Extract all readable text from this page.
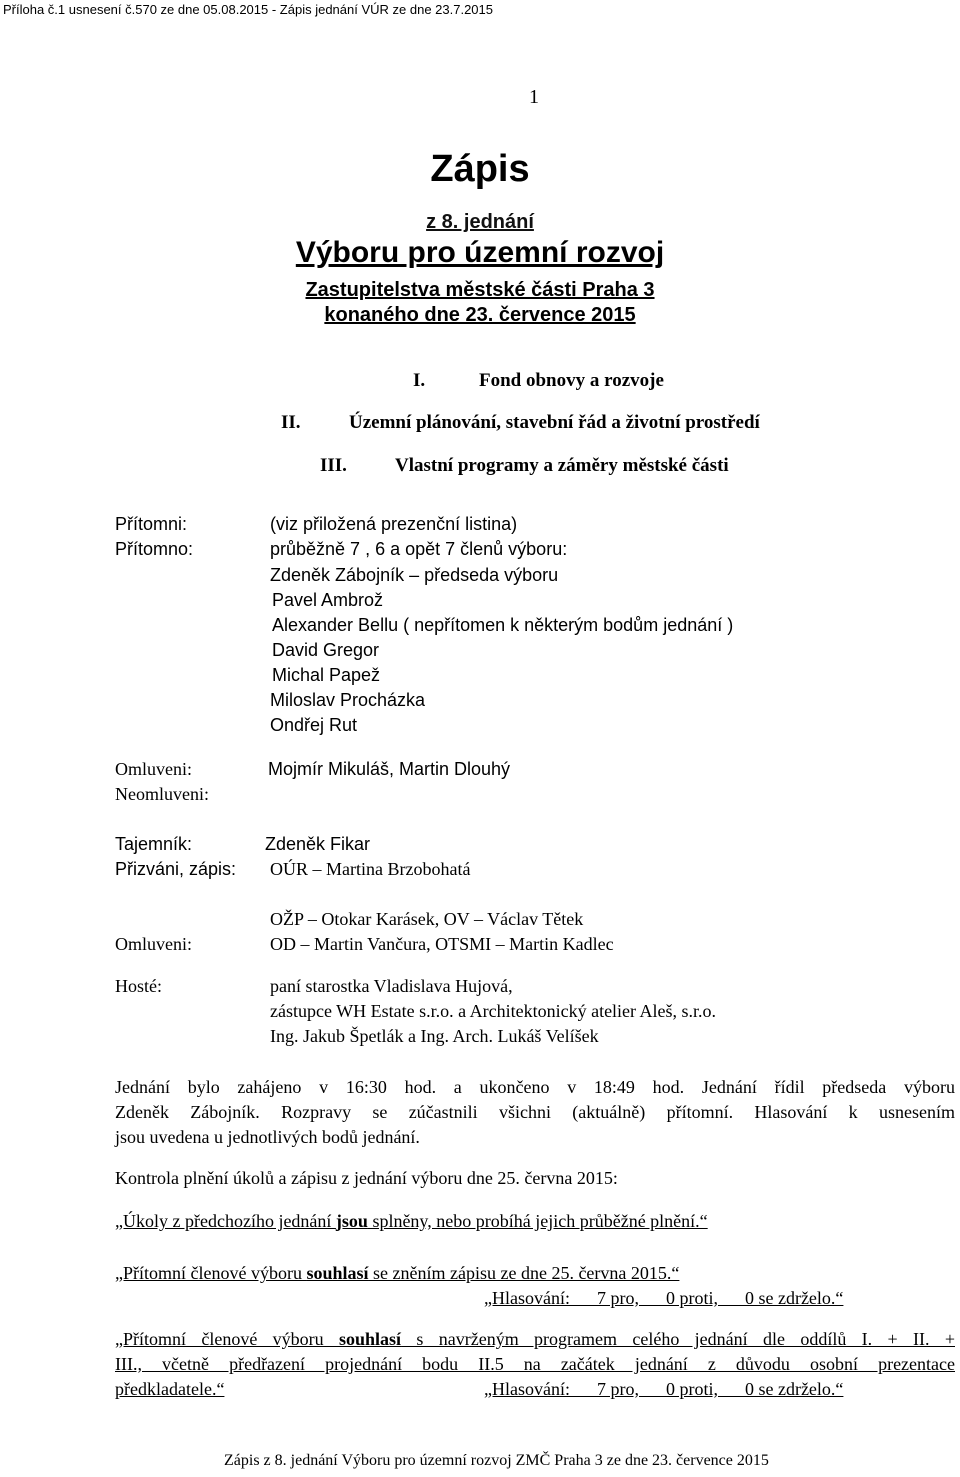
Příloha č.1 usnesení č.570 ze dne 05.08.2015 - Zápis jednání VÚR ze dne 23.7.2015
1
Zápis
z 8. jednání
Výboru pro územní rozvoj
Zastupitelstva městské části Praha 3
konaného dne 23. července 2015
I.	Fond obnovy a rozvoje
II.	Územní plánování, stavební řád a životní prostředí
III.	Vlastní programy a záměry městské části
Přítomni:	(viz přiložená prezenční listina)
Přítomno:	průběžně 7 , 6 a opět 7 členů výboru:
Zdeněk Zábojník – předseda výboru
Pavel Ambrož
Alexander Bellu ( nepřítomen k některým bodům jednání )
David Gregor
Michal Papež
Miloslav Procházka
Ondřej Rut
Omluveni:	Mojmír Mikuláš, Martin Dlouhý
Neomluveni:
Tajemník:	Zdeněk Fikar
Přizváni, zápis: OÚR – Martina Brzobohatá
OŽP – Otokar Karásek, OV – Václav Tětek
Omluveni:	OD – Martin Vančura, OTSMI – Martin Kadlec
Hosté:	paní starostka Vladislava Hujová,
zástupce WH Estate s.r.o. a Architektonický atelier Aleš, s.r.o.
Ing. Jakub Špetlák a Ing. Arch. Lukáš Velíšek
Jednání bylo zahájeno v 16:30 hod. a ukončeno v 18:49 hod. Jednání řídil předseda výboru
Zdeněk Zábojník. Rozpravy se zúčastnili všichni (aktuálně) přítomní. Hlasování k usnesením
jsou uvedena u jednotlivých bodů jednání.
Kontrola plnění úkolů a zápisu z jednání výboru dne 25. června 2015:
„Úkoly z předchozího jednání jsou splněny, nebo probíhá jejich průběžné plnění.“
„Přítomní členové výboru souhlasí se zněním zápisu ze dne 25. června 2015.“
„Hlasování:      7 pro,      0 proti,      0 se zdrželo.“
„Přítomní členové výboru souhlasí s navrženým programem celého jednání dle oddílů I. + II. +
III., včetně předřazení projednání bodu II.5 na začátek jednání z důvodu osobní prezentace
předkladatele.“	„Hlasování:      7 pro,      0 proti,      0 se zdrželo.“
Zápis z 8. jednání Výboru pro územní rozvoj ZMČ Praha 3 ze dne 23. července 2015
